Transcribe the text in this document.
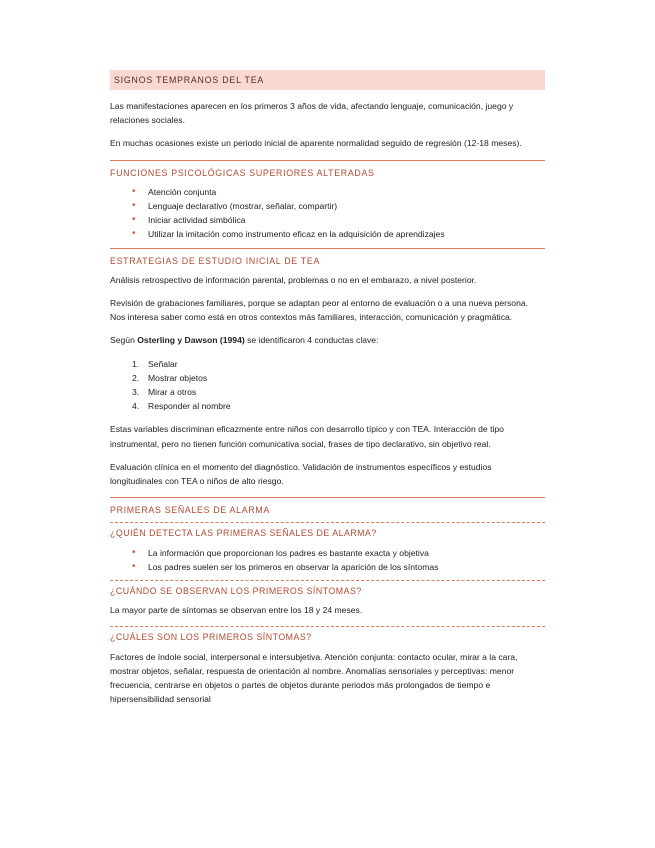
SIGNOS TEMPRANOS DEL TEA

Las manifestaciones aparecen en los primeros 3 años de vida, afectando lenguaje, comunicación, juego y relaciones sociales.

En muchas ocasiones existe un periodo inicial de aparente normalidad seguido de regresión (12-18 meses).

FUNCIONES PSICOLÓGICAS SUPERIORES ALTERADAS
• Atención conjunta
• Lenguaje declarativo (mostrar, señalar, compartir)
• Iniciar actividad simbólica
• Utilizar la imitación como instrumento eficaz en la adquisición de aprendizajes
ESTRATEGIAS DE ESTUDIO INICIAL DE TEA

Análisis retrospectivo de información parental, problemas o no en el embarazo, a nivel posterior.

Revisión de grabaciones familiares, porque se adaptan peor al entorno de evaluación o a una nueva persona. Nos interesa saber como está en otros contextos más familiares, interacción, comunicación y pragmática.

Según Osterling y Dawson (1994) se identificaron 4 conductas clave:

1.	Señalar
2.	Mostrar objetos
3.	Mirar a otros
4.	Responder al nombre

Estas variables discriminan eficazmente entre niños con desarrollo típico y con TEA. Interacción de tipo instrumental, pero no tienen función comunicativa social, frases de tipo declarativo, sin objetivo real.

Evaluación clínica en el momento del diagnóstico. Validación de instrumentos específicos y estudios longitudinales con TEA o niños de alto riesgo.

PRIMERAS SEÑALES DE ALARMA
¿QUIÉN DETECTA LAS PRIMERAS SEÑALES DE ALARMA?
• La información que proporcionan los padres es bastante exacta y objetiva
• Los padres suelen ser los primeros en observar la aparición de los síntomas
¿CUÁNDO SE OBSERVAN LOS PRIMEROS SÍNTOMAS?

La mayor parte de síntomas se observan entre los 18 y 24 meses.

¿CUÁLES SON LOS PRIMEROS SÍNTOMAS?

Factores de índole social, interpersonal e intersubjetiva. Atención conjunta: contacto ocular, mirar a la cara, mostrar objetos, señalar, respuesta de orientación al nombre. Anomalías sensoriales y perceptivas: menor frecuencia, centrarse en objetos o partes de objetos durante periodos más prolongados de tiempo e hipersensibilidad sensorial
